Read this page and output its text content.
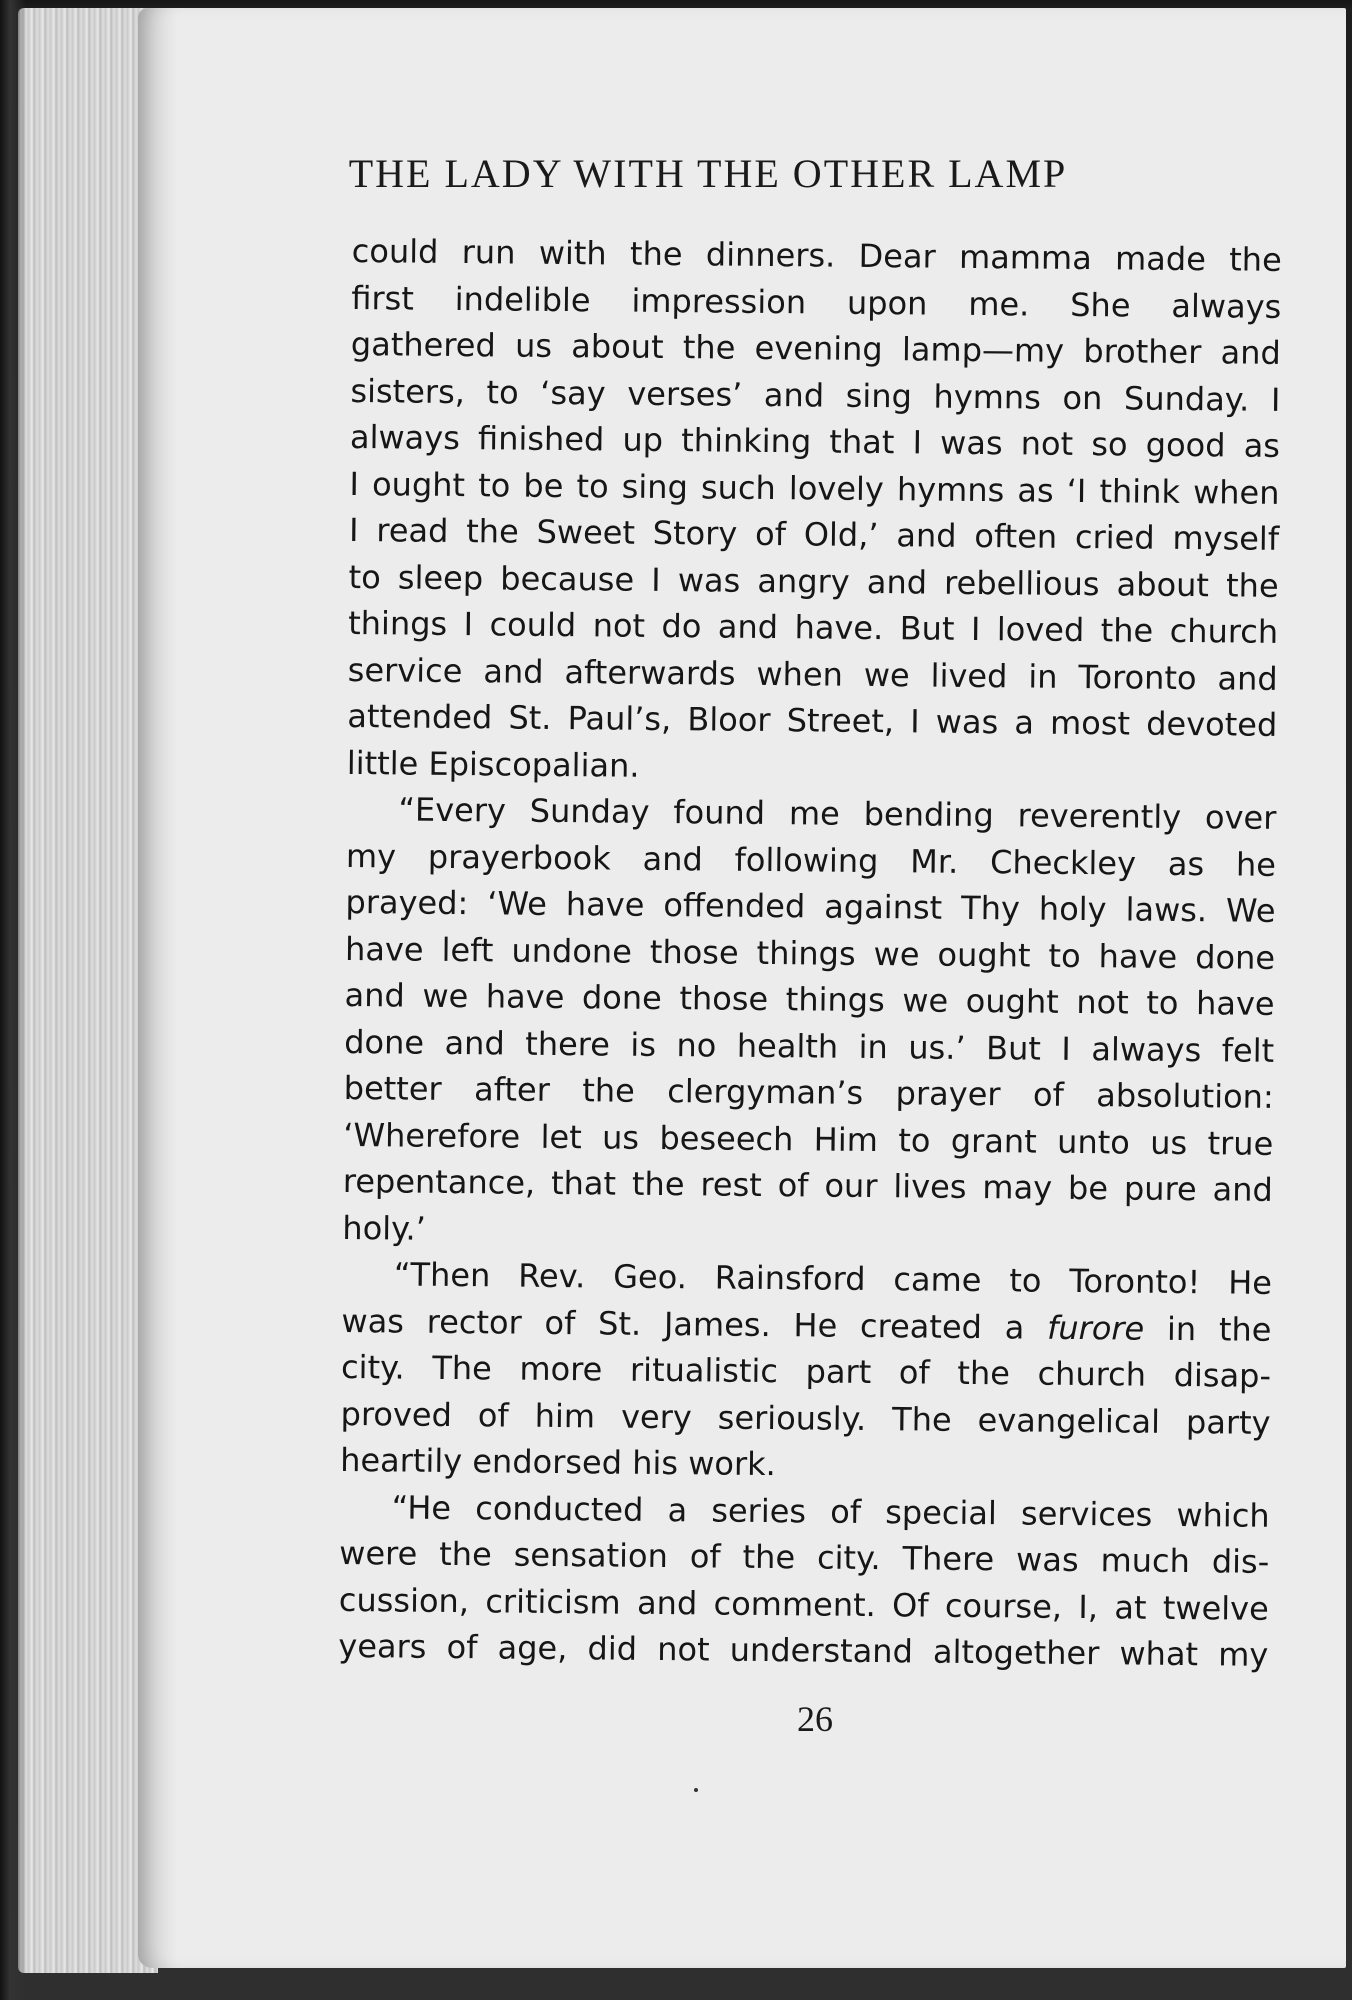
THE LADY WITH THE OTHER LAMP
could run with the dinners. Dear mamma made the
first indelible impression upon me. She always
gathered us about the evening lamp—my brother and
sisters, to ‘say verses’ and sing hymns on Sunday. I
always finished up thinking that I was not so good as
I ought to be to sing such lovely hymns as ‘I think when
I read the Sweet Story of Old,’ and often cried myself
to sleep because I was angry and rebellious about the
things I could not do and have. But I loved the church
service and afterwards when we lived in Toronto and
attended St. Paul’s, Bloor Street, I was a most devoted
little Episcopalian.
“Every Sunday found me bending reverently over
my prayerbook and following Mr. Checkley as he
prayed: ‘We have offended against Thy holy laws. We
have left undone those things we ought to have done
and we have done those things we ought not to have
done and there is no health in us.’ But I always felt
better after the clergyman’s prayer of absolution:
‘Wherefore let us beseech Him to grant unto us true
repentance, that the rest of our lives may be pure and
holy.’
“Then Rev. Geo. Rainsford came to Toronto! He
was rector of St. James. He created a furore in the
city. The more ritualistic part of the church disap-
proved of him very seriously. The evangelical party
heartily endorsed his work.
“He conducted a series of special services which
were the sensation of the city. There was much dis-
cussion, criticism and comment. Of course, I, at twelve
years of age, did not understand altogether what my
26
